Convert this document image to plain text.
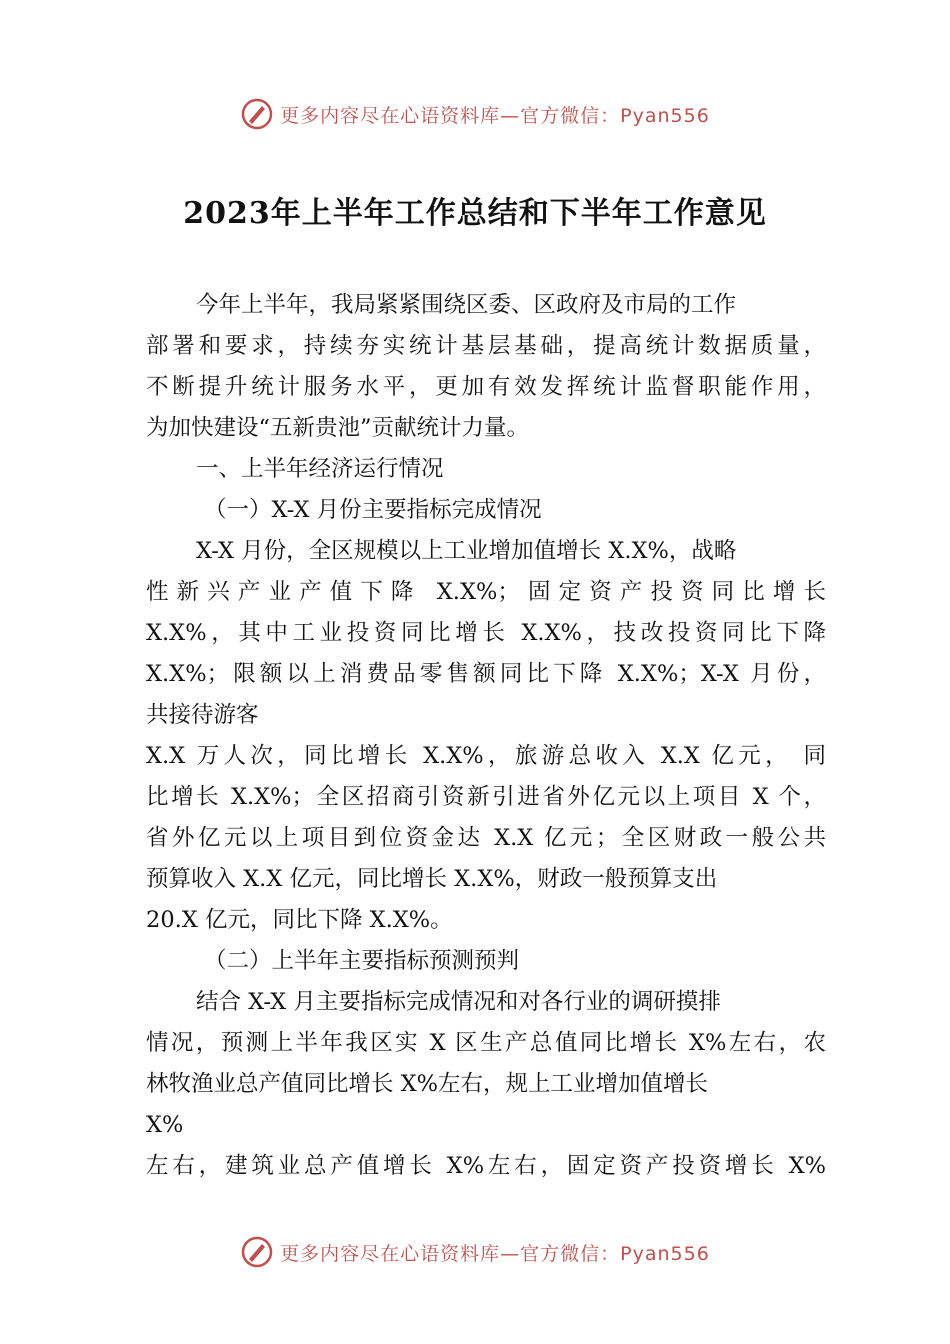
更多内容尽在心语资料库—官方微信：Pyan556
2023年上半年工作总结和下半年工作意见
今年上半年，我局紧紧围绕区委、区政府及市局的工作
部署和要求，持续夯实统计基层基础，提高统计数据质量，
不断提升统计服务水平，更加有效发挥统计监督职能作用，
为加快建设“五新贵池”贡献统计力量。
一、上半年经济运行情况
（一）X-X 月份主要指标完成情况
X-X 月份，全区规模以上工业增加值增长 X.X%，战略
性新兴产业产值下降 X.X%；固定资产投资同比增长
X.X%，其中工业投资同比增长 X.X%，技改投资同比下降
X.X%；限额以上消费品零售额同比下降 X.X%；X-X 月份，
共接待游客
X.X 万人次，同比增长 X.X%，旅游总收入 X.X 亿元， 同
比增长 X.X%；全区招商引资新引进省外亿元以上项目 X 个，
省外亿元以上项目到位资金达 X.X 亿元；全区财政一般公共
预算收入 X.X 亿元，同比增长 X.X%，财政一般预算支出
20.X 亿元，同比下降 X.X%。
（二）上半年主要指标预测预判
结合 X-X 月主要指标完成情况和对各行业的调研摸排
情况，预测上半年我区实 X 区生产总值同比增长 X%左右，农
林牧渔业总产值同比增长 X%左右，规上工业增加值增长
X%
左右，建筑业总产值增长 X%左右，固定资产投资增长 X%
更多内容尽在心语资料库—官方微信：Pyan556
